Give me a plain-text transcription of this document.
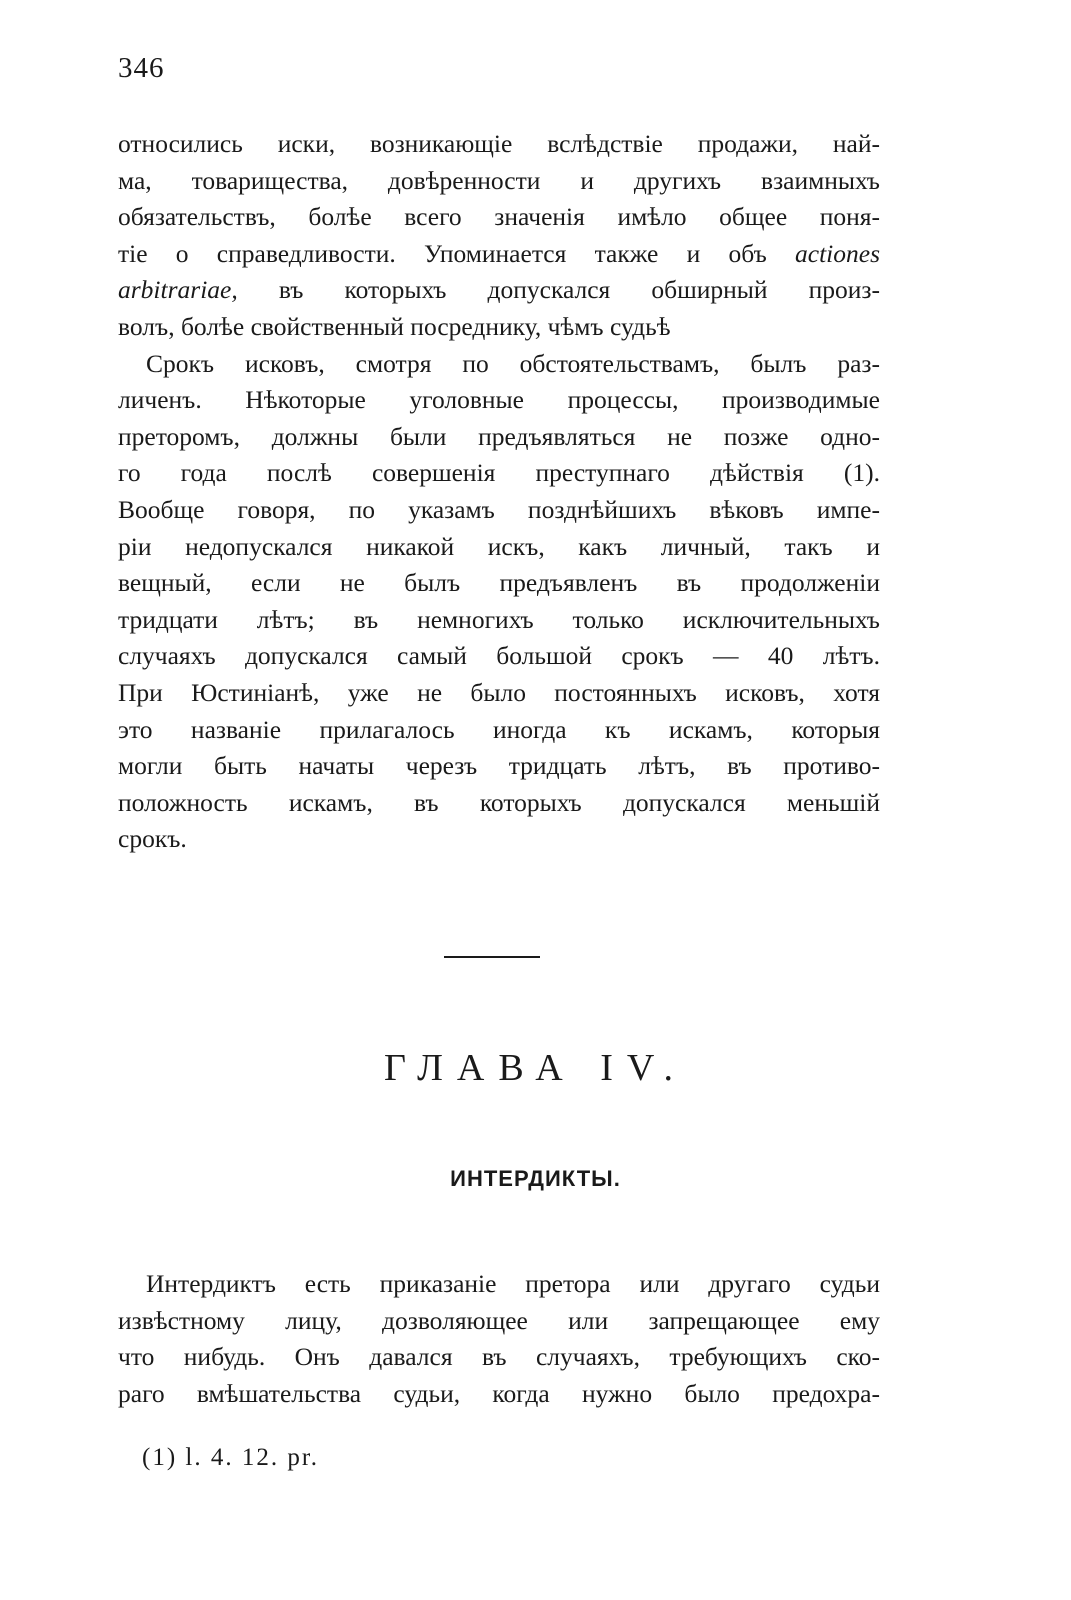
346
относились иски, возникающіе вслѣдствіе продажи, най-
ма, товарищества, довѣренности и другихъ взаимныхъ
обязательствъ, болѣе всего значенія имѣло общее поня-
тіе о справедливости. Упоминается также и объ actiones
arbitrariae, въ которыхъ допускался обширный произ-
волъ, болѣе свойственный посреднику, чѣмъ судьѣ
Срокъ исковъ, смотря по обстоятельствамъ, былъ раз-
личенъ. Нѣкоторые уголовные процессы, производимые
преторомъ, должны были предъявляться не позже одно-
го года послѣ совершенія преступнаго дѣйствія (1).
Вообще говоря, по указамъ позднѣйшихъ вѣковъ импе-
ріи недопускался никакой искъ, какъ личный, такъ и
вещный, если не былъ предъявленъ въ продолженіи
тридцати лѣтъ; въ немногихъ только исключительныхъ
случаяхъ допускался самый большой срокъ — 40 лѣтъ.
При Юстиніанѣ, уже не было постоянныхъ исковъ, хотя
это названіе прилагалось иногда къ искамъ, которыя
могли быть начаты черезъ тридцать лѣтъ, въ противо-
положность искамъ, въ которыхъ допускался меньшій
срокъ.
ГЛАВА IV.
ИНТЕРДИКТЫ.
Интердиктъ есть приказаніе претора или другаго судьи
извѣстному лицу, дозволяющее или запрещающее ему
что нибудь. Онъ давался въ случаяхъ, требующихъ ско-
раго вмѣшательства судьи, когда нужно было предохра-
(1) l. 4. 12. pr.
